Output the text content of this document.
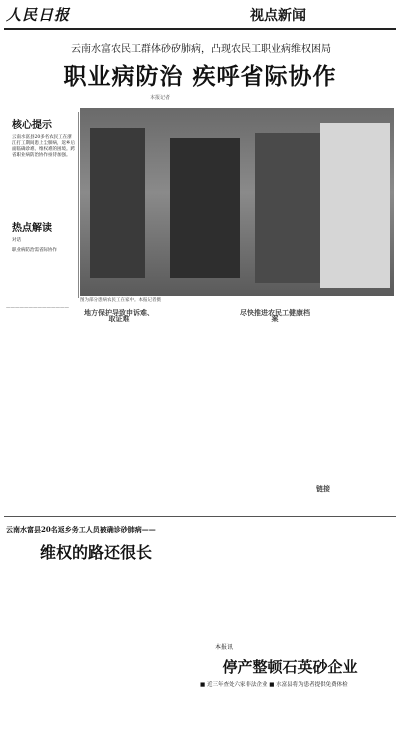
人民日报	视点新闻
云南水富农民工群体砂矽肺病，凸现农民工职业病维权困局
职业病防治 疾呼省际协作
本报记者
核心提示
云南水富县20多名农民工在浙江打工期间患上尘肺病，返乡后面临确诊难、维权难的困境。跨省职业病防治协作亟待加强。
热点解读
对话
职业病防治需省际协作
图为部分患病农民工在家中。本报记者摄
——————————————	地方保护导致申诉难、取证难
尽快推进农民工健康档案
链接
云南水富县20名返乡务工人员被确诊砂肺病——
维权的路还很长
本报讯
停产整顿石英砂企业
■ 近三年查处六家非法企业 ■ 水富县将为患者提供免费体检
